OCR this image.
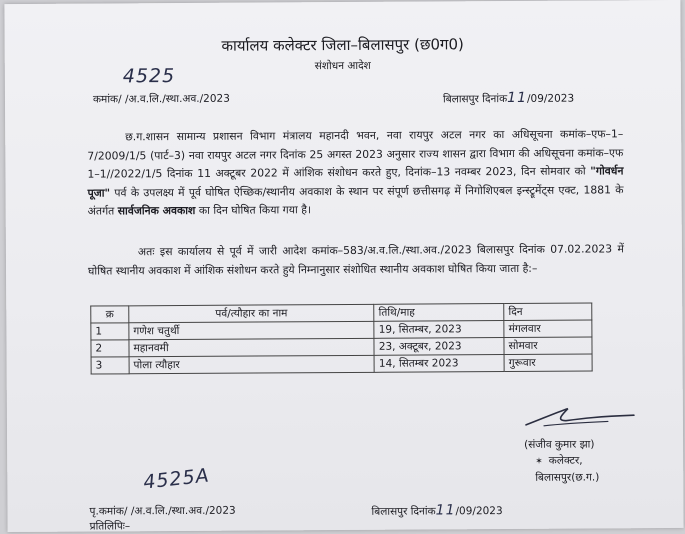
कार्यालय कलेक्टर जिला–बिलासपुर (छ0ग0)
संशोधन आदेश
4525
कमांक/ /अ.व.लि./स्था.अव./2023	बिलासपुर दिनांक11/09/2023
छ.ग.शासन सामान्य प्रशासन विभाग मंत्रालय महानदी भवन, नवा रायपुर अटल नगर का अधिसूचना कमांक–एफ–1–7/2009/1/5 (पार्ट–3) नवा रायपुर अटल नगर दिनांक 25 अगस्त 2023 अनुसार राज्य शासन द्वारा विभाग की अधिसूचना कमांक–एफ 1–1//2022/1/5 दिनांक 11 अक्टूबर 2022 में आंशिक संशोधन करते हुए, दिनांक–13 नवम्बर 2023, दिन सोमवार को "गोवर्धन पूजा" पर्व के उपलक्ष्य में पूर्व घोषित ऐच्छिक/स्थानीय अवकाश के स्थान पर संपूर्ण छत्तीसगढ़ में निगोशिएबल इन्स्ट्रूमेंट्स एक्ट, 1881 के अंतर्गत सार्वजनिक अवकाश का दिन घोषित किया गया है।
अतः इस कार्यालय से पूर्व में जारी आदेश कमांक–583/अ.व.लि./स्था.अव./2023 बिलासपुर दिनांक 07.02.2023 में घोषित स्थानीय अवकाश में आंशिक संशोधन करते हुये निम्नानुसार संशोधित स्थानीय अवकाश घोषित किया जाता है:–
क्र	पर्व/त्यौहार का नाम	तिथि/माह	दिन
1	गणेश चतुर्थी	19, सितम्बर, 2023	मंगलवार
2	महानवमी	23, अक्टूबर, 2023	सोमवार
3	पोला त्यौहार	14, सितम्बर 2023	गुरूवार
(संजीव कुमार झा)
✶ कलेक्टर,
बिलासपुर(छ.ग.)
4525A
पृ.कमांक/ /अ.व.लि./स्था.अव./2023	बिलासपुर दिनांक11/09/2023
प्रतिलिपिः–
